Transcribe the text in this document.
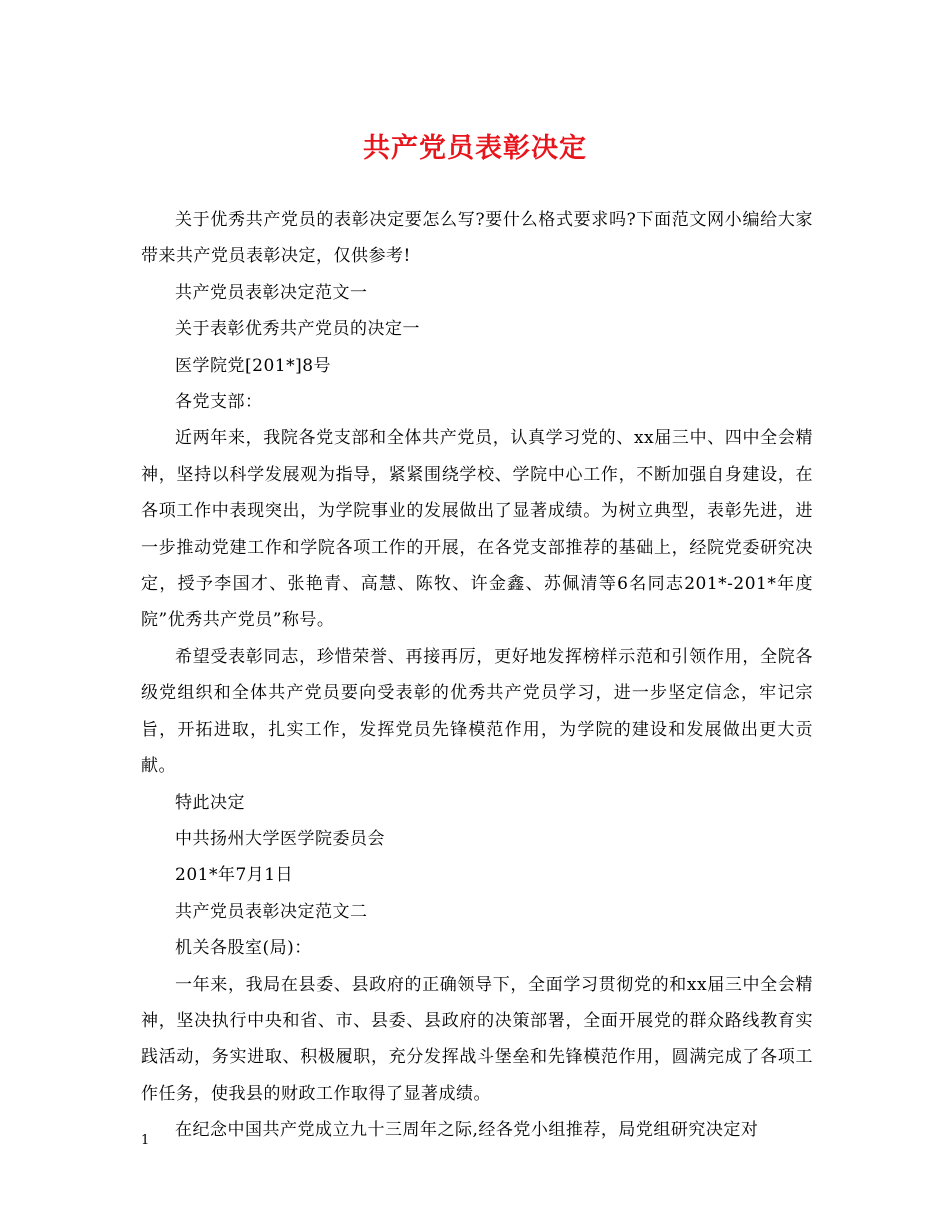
共产党员表彰决定

关于优秀共产党员的表彰决定要怎么写?要什么格式要求吗?下面范文网小编给大家带来共产党员表彰决定，仅供参考!

共产党员表彰决定范文一

关于表彰优秀共产党员的决定一

医学院党[201*]8号

各党支部：

近两年来，我院各党支部和全体共产党员，认真学习党的、xx届三中、四中全会精神，坚持以科学发展观为指导，紧紧围绕学校、学院中心工作，不断加强自身建设，在各项工作中表现突出，为学院事业的发展做出了显著成绩。为树立典型，表彰先进，进一步推动党建工作和学院各项工作的开展，在各党支部推荐的基础上，经院党委研究决定，授予李国才、张艳青、高慧、陈牧、许金鑫、苏佩清等6名同志201*-201*年度院”优秀共产党员”称号。

希望受表彰同志，珍惜荣誉、再接再厉，更好地发挥榜样示范和引领作用，全院各级党组织和全体共产党员要向受表彰的优秀共产党员学习，进一步坚定信念，牢记宗旨，开拓进取，扎实工作，发挥党员先锋模范作用，为学院的建设和发展做出更大贡献。

特此决定

中共扬州大学医学院委员会

201*年7月1日

共产党员表彰决定范文二

机关各股室(局)：

一年来，我局在县委、县政府的正确领导下，全面学习贯彻党的和xx届三中全会精神，坚决执行中央和省、市、县委、县政府的决策部署，全面开展党的群众路线教育实践活动，务实进取、积极履职，充分发挥战斗堡垒和先锋模范作用，圆满完成了各项工作任务，使我县的财政工作取得了显著成绩。

在纪念中国共产党成立九十三周年之际,经各党小组推荐，局党组研究决定对

1
